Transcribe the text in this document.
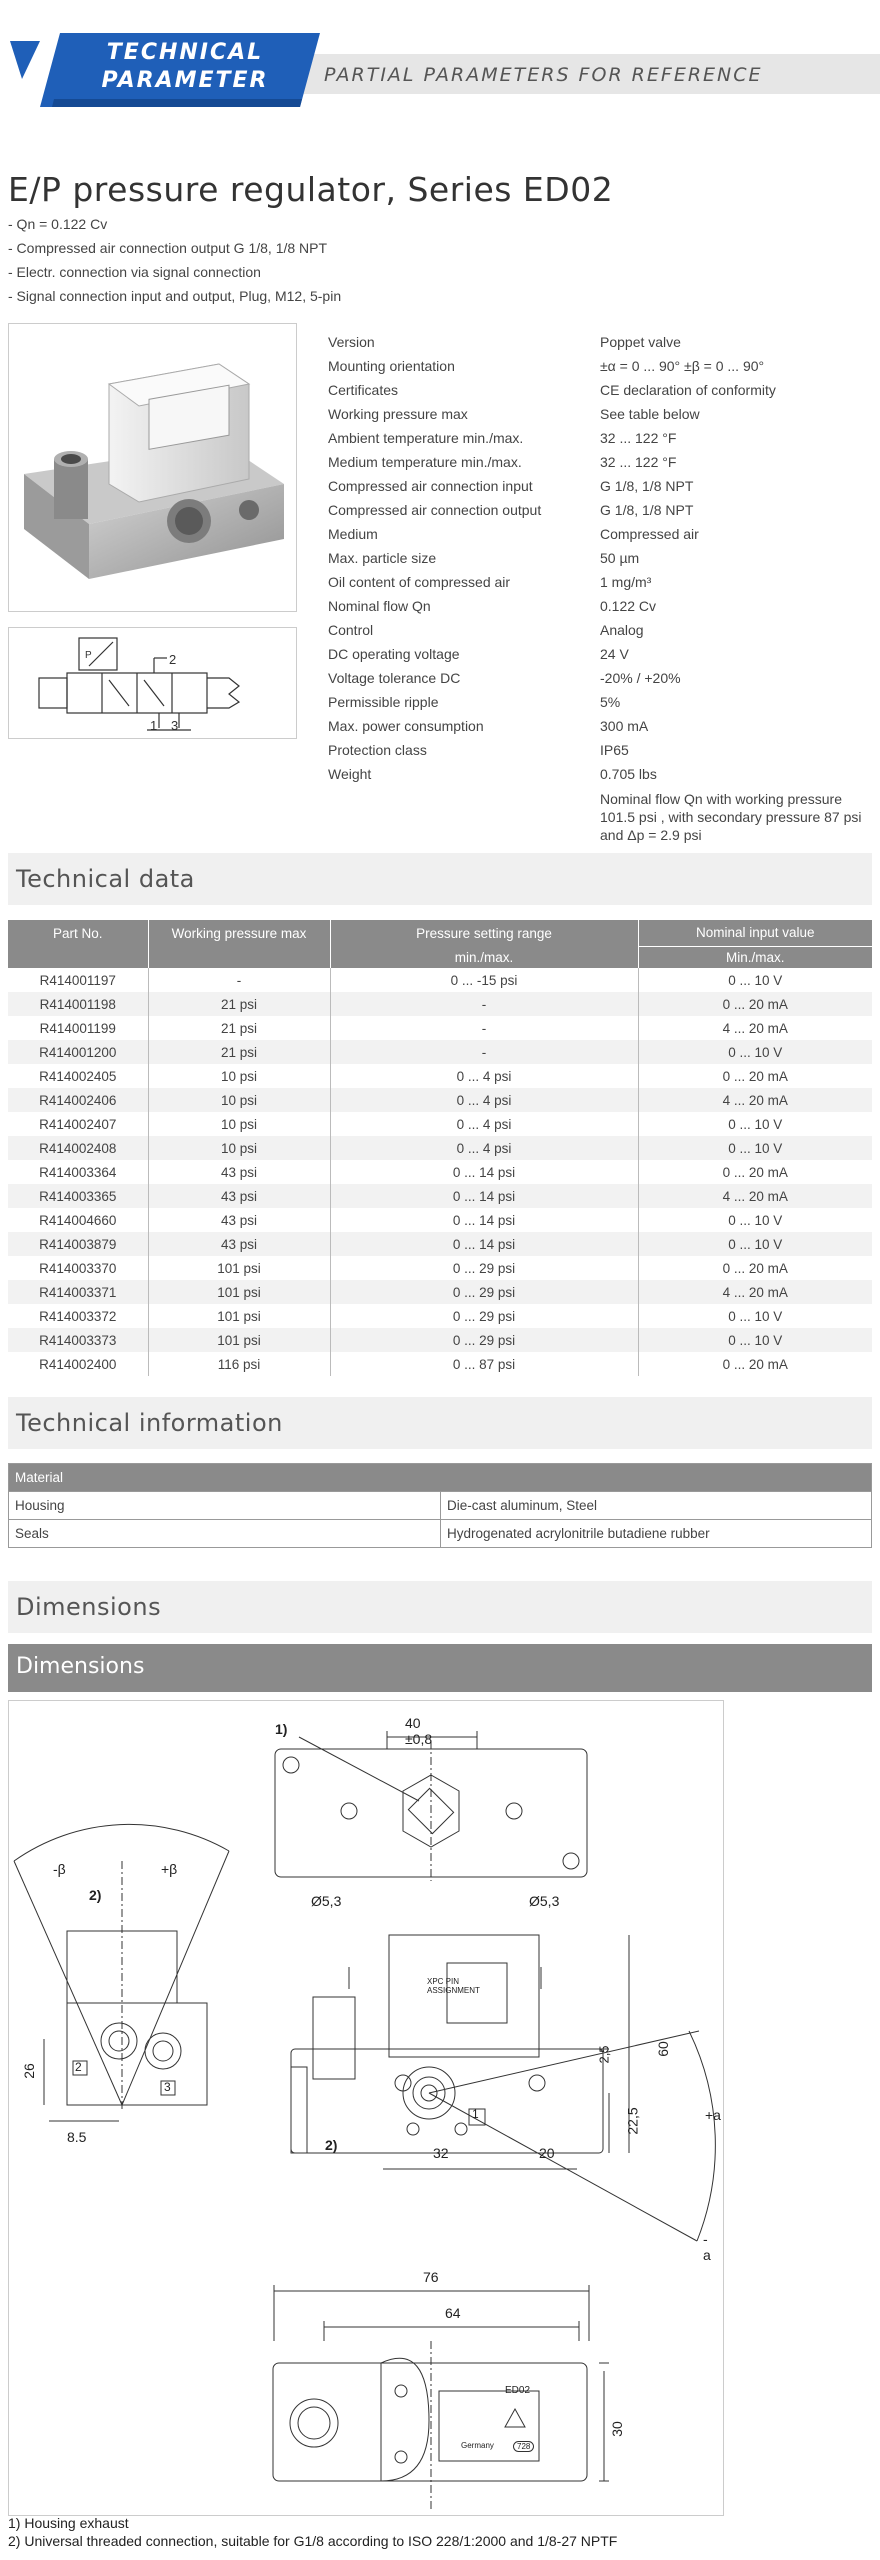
PARTIAL PARAMETERS FOR REFERENCE
TECHNICAL
PARAMETER
E/P pressure regulator, Series ED02
- Qn = 0.122 Cv
- Compressed air connection output G 1/8, 1/8 NPT
- Electr. connection via signal connection
- Signal connection input and output, Plug, M12, 5-pin
P	2
1 3
Version	Poppet valve
Mounting orientation	±α = 0 ... 90° ±β = 0 ... 90°
Certificates	CE declaration of conformity
Working pressure max	See table below
Ambient temperature min./max.	32 ... 122 °F
Medium temperature min./max.	32 ... 122 °F
Compressed air connection input	G 1/8, 1/8 NPT
Compressed air connection output	G 1/8, 1/8 NPT
Medium	Compressed air
Max. particle size	50 µm
Oil content of compressed air	1 mg/m³
Nominal flow Qn	0.122 Cv
Control	Analog
DC operating voltage	24 V
Voltage tolerance DC	-20% / +20%
Permissible ripple	5%
Max. power consumption	300 mA
Protection class	IP65
Weight	0.705 lbs
Nominal flow Qn with working pressure
101.5 psi , with secondary pressure 87 psi
and Δp = 2.9 psi
Technical data
Part No.	Working pressure max	Pressure setting range	Nominal input value
		min./max.	Min./max.
R414001197	-	0 ... -15 psi	0 ... 10 V
R414001198	21 psi	-	0 ... 20 mA
R414001199	21 psi	-	4 ... 20 mA
R414001200	21 psi	-	0 ... 10 V
R414002405	10 psi	0 ... 4 psi	0 ... 20 mA
R414002406	10 psi	0 ... 4 psi	4 ... 20 mA
R414002407	10 psi	0 ... 4 psi	0 ... 10 V
R414002408	10 psi	0 ... 4 psi	0 ... 10 V
R414003364	43 psi	0 ... 14 psi	0 ... 20 mA
R414003365	43 psi	0 ... 14 psi	4 ... 20 mA
R414004660	43 psi	0 ... 14 psi	0 ... 10 V
R414003879	43 psi	0 ... 14 psi	0 ... 10 V
R414003370	101 psi	0 ... 29 psi	0 ... 20 mA
R414003371	101 psi	0 ... 29 psi	4 ... 20 mA
R414003372	101 psi	0 ... 29 psi	0 ... 10 V
R414003373	101 psi	0 ... 29 psi	0 ... 10 V
R414002400	116 psi	0 ... 87 psi	0 ... 20 mA
Technical information
Material	
Housing	Die-cast aluminum, Steel
Seals	Hydrogenated acrylonitrile butadiene rubber
Dimensions
Dimensions
40 ±0,8
1)
-β	+β
2)	Ø5,3	Ø5,3
XPC PIN ASSIGNMENT
2
3
1
26
8.5
2,5	60
22,5
2)	32	20
+a
-a
76
64
30
ED02
Germany	728
1) Housing exhaust
2) Universal threaded connection, suitable for G1/8 according to ISO 228/1:2000 and 1/8-27 NPTF
